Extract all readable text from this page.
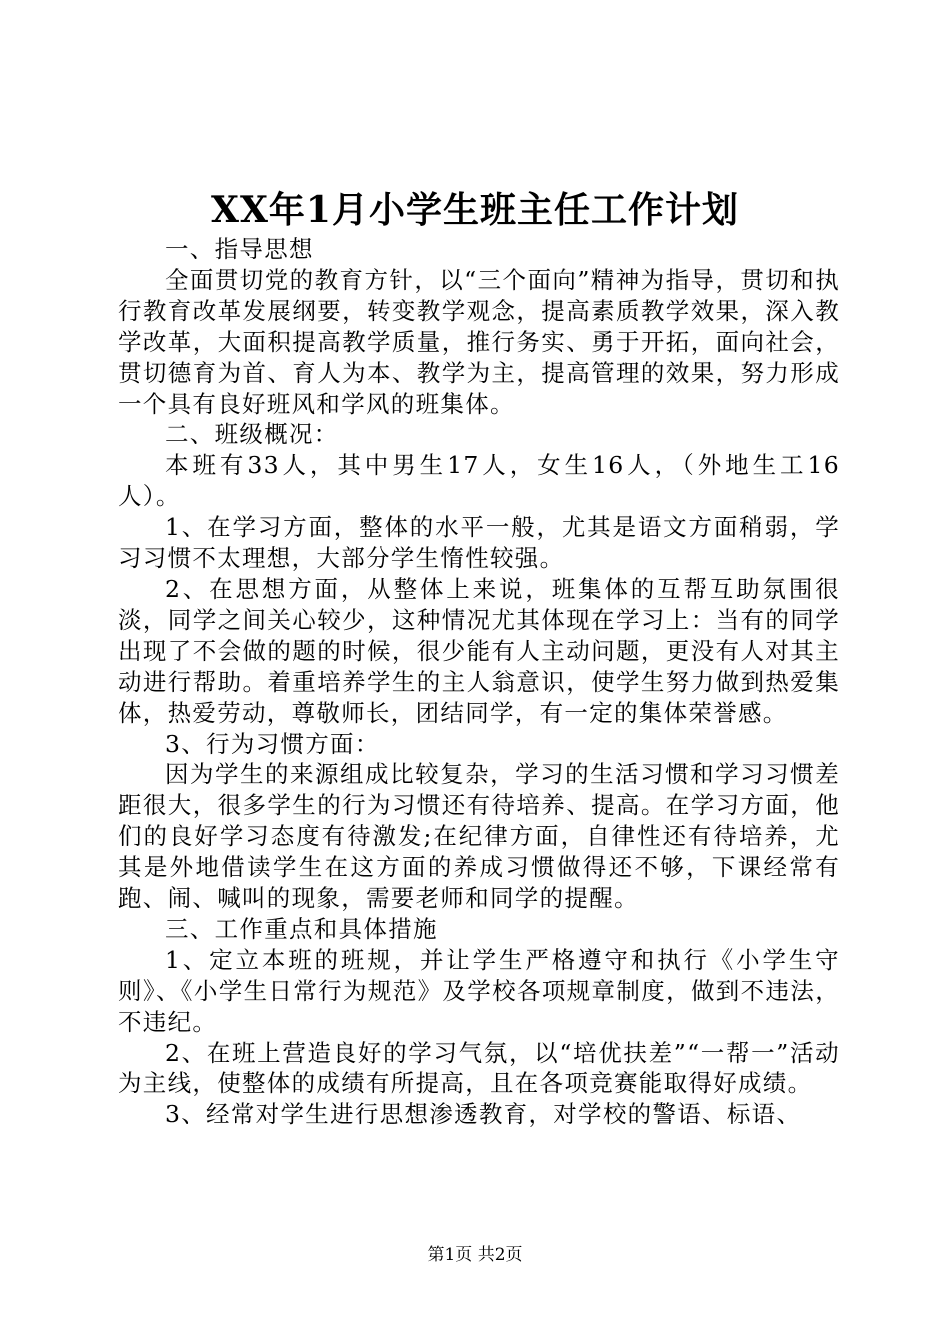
XX年1月小学生班主任工作计划

一、指导思想

全面贯切党的教育方针，以“三个面向”精神为指导，贯切和执行教育改革发展纲要，转变教学观念，提高素质教学效果，深入教学改革，大面积提高教学质量，推行务实、勇于开拓，面向社会，贯切德育为首、育人为本、教学为主，提高管理的效果，努力形成一个具有良好班风和学风的班集体。

二、班级概况：

本班有33人，其中男生17人，女生16人，（外地生工16人）。

1、在学习方面，整体的水平一般，尤其是语文方面稍弱，学习习惯不太理想，大部分学生惰性较强。

2、在思想方面，从整体上来说，班集体的互帮互助氛围很淡，同学之间关心较少，这种情况尤其体现在学习上：当有的同学出现了不会做的题的时候，很少能有人主动问题，更没有人对其主动进行帮助。着重培养学生的主人翁意识，使学生努力做到热爱集体，热爱劳动，尊敬师长，团结同学，有一定的集体荣誉感。

3、行为习惯方面：

因为学生的来源组成比较复杂，学习的生活习惯和学习习惯差距很大，很多学生的行为习惯还有待培养、提高。在学习方面，他们的良好学习态度有待激发;在纪律方面，自律性还有待培养，尤其是外地借读学生在这方面的养成习惯做得还不够，下课经常有跑、闹、喊叫的现象，需要老师和同学的提醒。

三、工作重点和具体措施

1、定立本班的班规，并让学生严格遵守和执行《小学生守则》、《小学生日常行为规范》及学校各项规章制度，做到不违法，不违纪。

2、在班上营造良好的学习气氛，以“培优扶差”“一帮一”活动为主线，使整体的成绩有所提高，且在各项竞赛能取得好成绩。

3、经常对学生进行思想渗透教育，对学校的警语、标语、

第1页 共2页
